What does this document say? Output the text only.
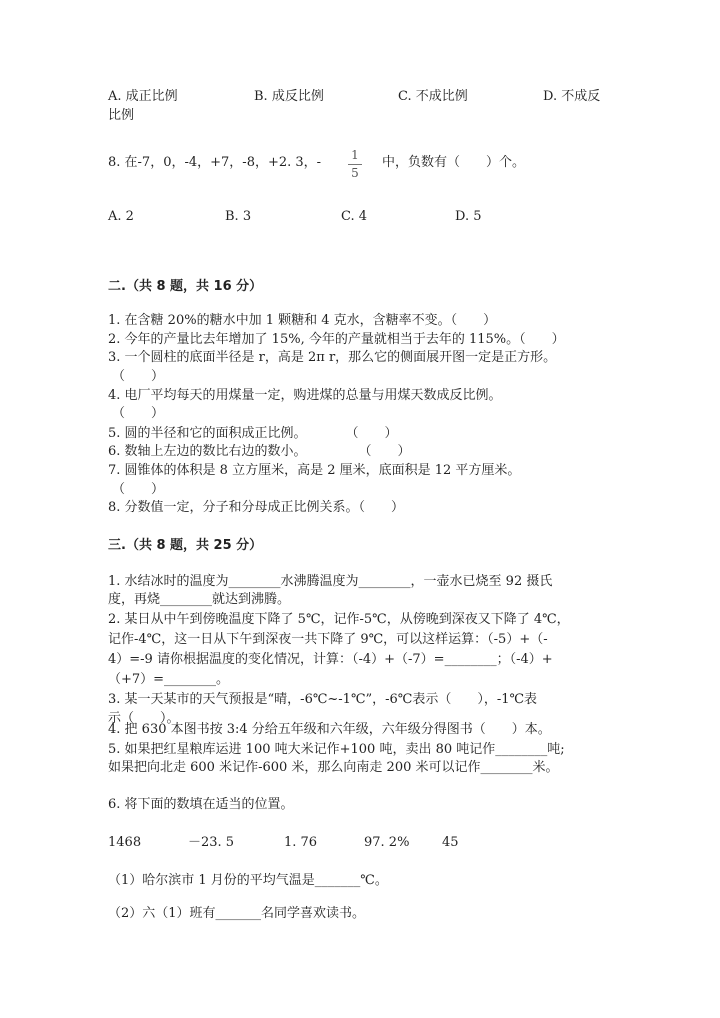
A. 成正比例	B. 成反比例	C. 不成比例	D. 不成反
比例
8. 在-7，0，-4，+7，-8，+2. 3，-	1
5
中，负数有（　　）个。
A. 2	B. 3	C. 4	D. 5
二.（共 8 题，共 16 分）
1. 在含糖 20%的糖水中加 1 颗糖和 4 克水，含糖率不变。（　　）
2. 今年的产量比去年增加了 15%, 今年的产量就相当于去年的 115%。（　　）
3. 一个圆柱的底面半径是 r，高是 2π r，那么它的侧面展开图一定是正方形。
（　　）
4. 电厂平均每天的用煤量一定，购进煤的总量与用煤天数成反比例。
（　　）
5. 圆的半径和它的面积成正比例。　　　　（　　）
6. 数轴上左边的数比右边的数小。　　　　　（　　）
7. 圆锥体的体积是 8 立方厘米，高是 2 厘米，底面积是 12 平方厘米。
（　　）
8. 分数值一定，分子和分母成正比例关系。（　　）
三.（共 8 题，共 25 分）
1. 水结冰时的温度为________水沸腾温度为________，一壶水已烧至 92 摄氏
度，再烧________就达到沸腾。
2. 某日从中午到傍晚温度下降了 5℃，记作-5℃，从傍晚到深夜又下降了 4℃，
记作-4℃，这一日从下午到深夜一共下降了 9℃，可以这样运算：（-5）+（-
4）=-9 请你根据温度的变化情况，计算：（-4）+（-7）=________；（-4）+
（+7）=________。
3. 某一天某市的天气预报是“晴，-6℃~-1℃”，-6℃表示（　　），-1℃表
示（　　）。
4. 把 630 本图书按 3:4 分给五年级和六年级，六年级分得图书（　　）本。
5. 如果把红星粮库运进 100 吨大米记作+100 吨，卖出 80 吨记作________吨;
如果把向北走 600 米记作-600 米，那么向南走 200 米可以记作________米。
6. 将下面的数填在适当的位置。
1468	－23. 5	1. 76	97. 2%	45
（1）哈尔滨市 1 月份的平均气温是_______℃。
（2）六（1）班有_______名同学喜欢读书。
